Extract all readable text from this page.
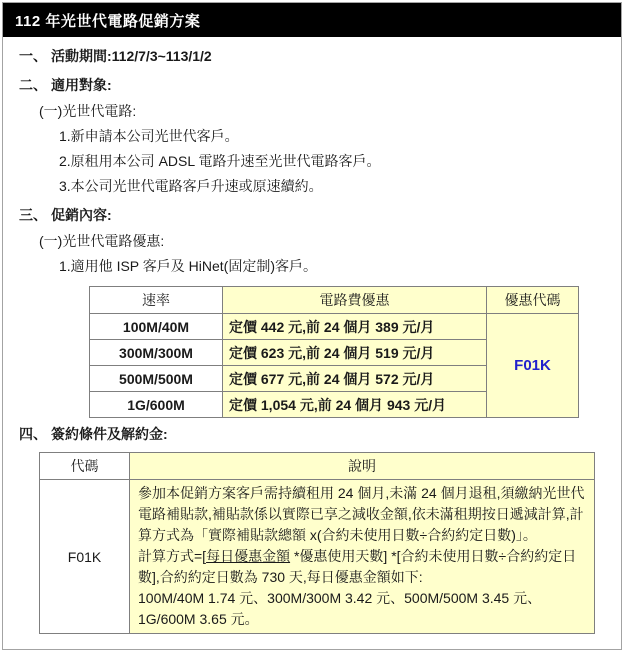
112 年光世代電路促銷方案
一、 活動期間:112/7/3~113/1/2
二、 適用對象:
(一)光世代電路:
1.新申請本公司光世代客戶。
2.原租用本公司 ADSL 電路升速至光世代電路客戶。
3.本公司光世代電路客戶升速或原速續約。
三、 促銷內容:
(一)光世代電路優惠:
1.適用他 ISP 客戶及 HiNet(固定制)客戶。
速率	電路費優惠	優惠代碼
100M/40M	定價 442 元,前 24 個月 389 元/月	F01K
300M/300M	定價 623 元,前 24 個月 519 元/月	
500M/500M	定價 677 元,前 24 個月 572 元/月	
1G/600M	定價 1,054 元,前 24 個月 943 元/月	
四、 簽約條件及解約金:
代碼	說明
F01K	參加本促銷方案客戶需持續租用 24 個月,未滿 24 個月退租,須繳納光世代電路補貼款,補貼款係以實際已享之減收金額,依未滿租期按日遞減計算,計算方式為「實際補貼款總額 x(合約未使用日數÷合約約定日數)」。

計算方式=[每日優惠金額 *優惠使用天數] *[合約未使用日數÷合約約定日數],合約約定日數為 730 天,每日優惠金額如下:

100M/40M 1.74 元、300M/300M 3.42 元、500M/500M 3.45 元、1G/600M 3.65 元。
